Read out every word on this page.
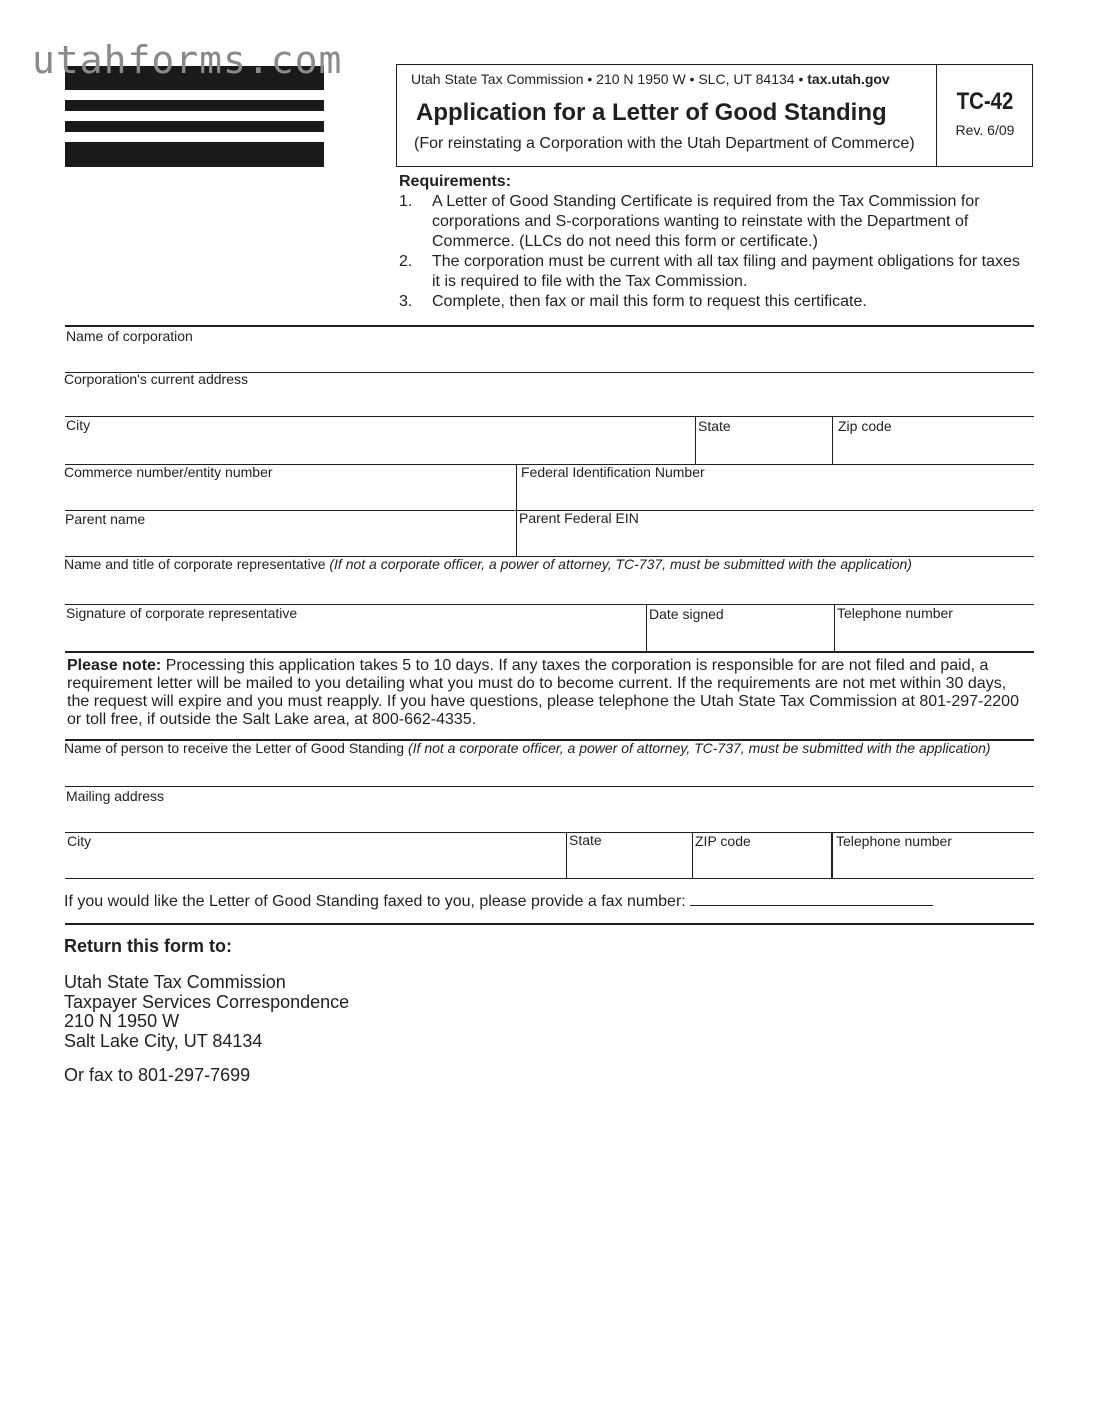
utahforms.com	Utah State Tax Commission • 210 N 1950 W • SLC, UT 84134 • tax.utah.gov
Application for a Letter of Good Standing
(For reinstating a Corporation with the Utah Department of Commerce)
TC-42
Rev. 6/09
Requirements:
1. A Letter of Good Standing Certificate is required from the Tax Commission for corporations and S-corporations wanting to reinstate with the Department of Commerce. (LLCs do not need this form or certificate.)
2. The corporation must be current with all tax filing and payment obligations for taxes it is required to file with the Tax Commission.
3. Complete, then fax or mail this form to request this certificate.
Name of corporation
Corporation's current address
City	State	Zip code
Commerce number/entity number	Federal Identification Number
Parent name	Parent Federal EIN
Name and title of corporate representative (If not a corporate officer, a power of attorney, TC-737, must be submitted with the application)
Signature of corporate representative	Date signed	Telephone number
Please note: Processing this application takes 5 to 10 days. If any taxes the corporation is responsible for are not filed and paid, a requirement letter will be mailed to you detailing what you must do to become current. If the requirements are not met within 30 days, the request will expire and you must reapply. If you have questions, please telephone the Utah State Tax Commission at 801-297-2200 or toll free, if outside the Salt Lake area, at 800-662-4335.
Name of person to receive the Letter of Good Standing (If not a corporate officer, a power of attorney, TC-737, must be submitted with the application)
Mailing address
City	State	ZIP code	Telephone number
If you would like the Letter of Good Standing faxed to you, please provide a fax number:
Return this form to:
Utah State Tax Commission
Taxpayer Services Correspondence
210 N 1950 W
Salt Lake City, UT 84134
Or fax to 801-297-7699
